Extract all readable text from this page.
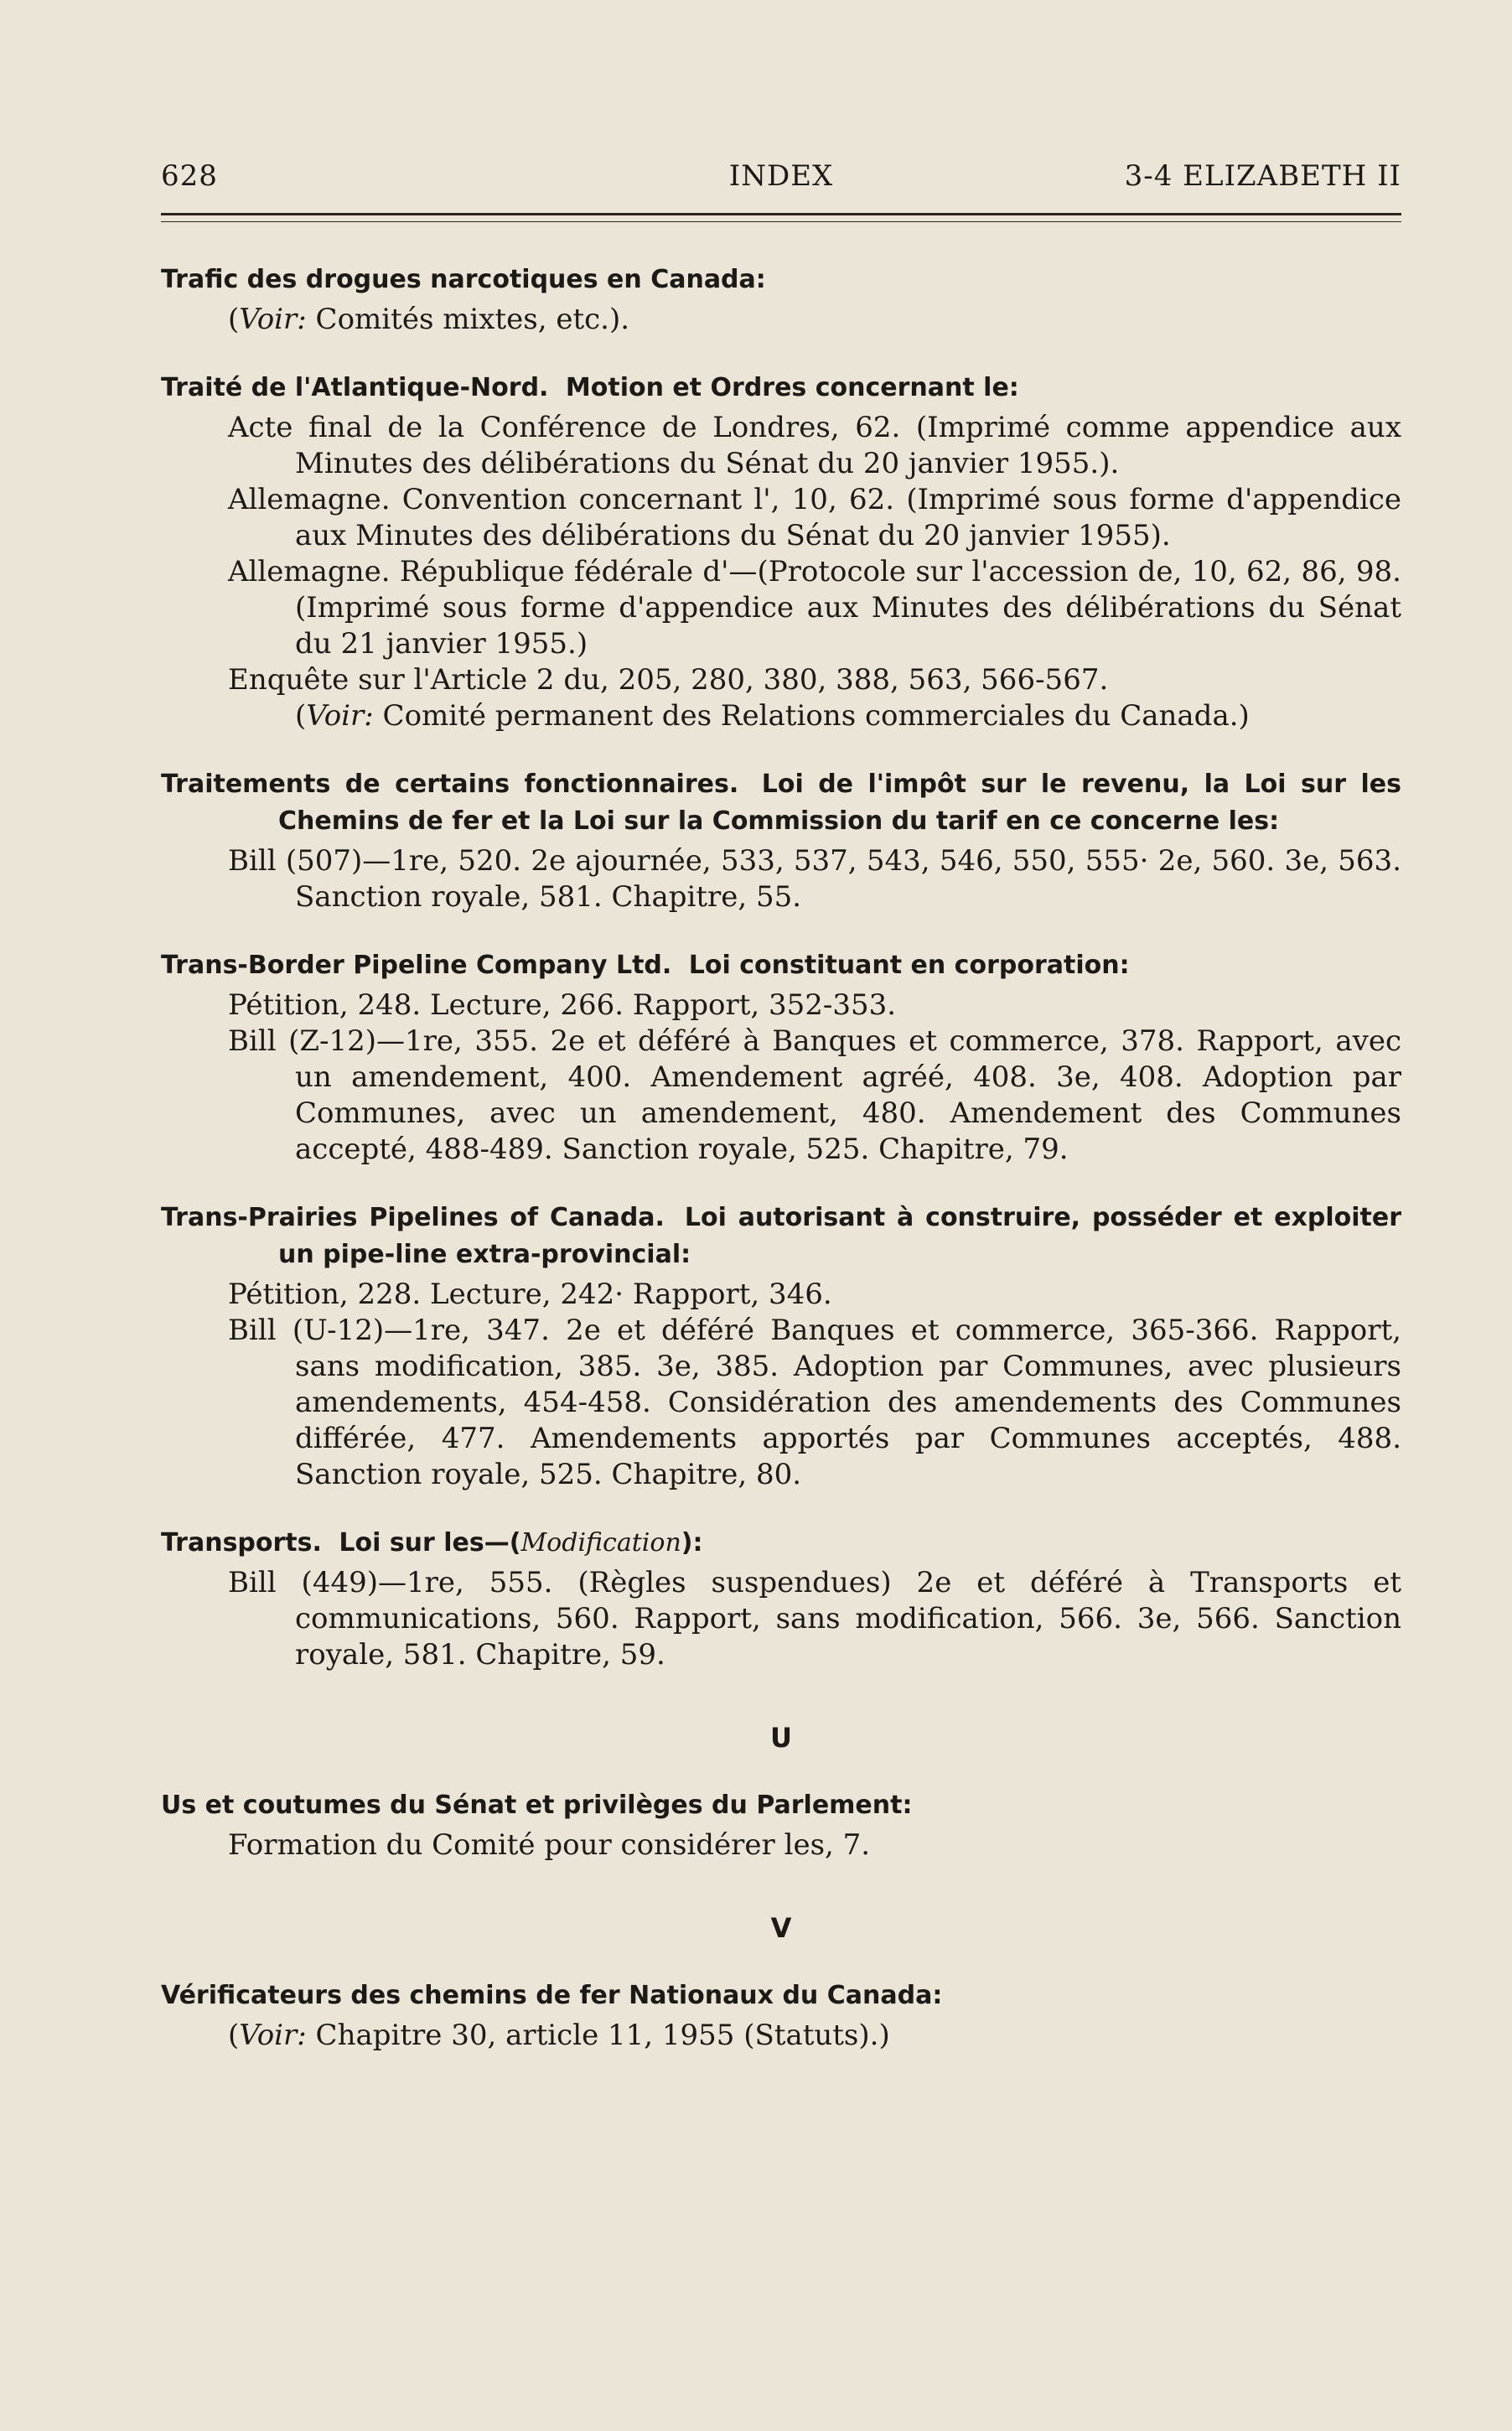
628	INDEX	3-4 ELIZABETH II
Trafic des drogues narcotiques en Canada:
(Voir: Comités mixtes, etc.).
Traité de l'Atlantique-Nord. Motion et Ordres concernant le:
Acte final de la Conférence de Londres, 62. (Imprimé comme appendice aux Minutes des délibérations du Sénat du 20 janvier 1955.).
Allemagne. Convention concernant l', 10, 62. (Imprimé sous forme d'appendice aux Minutes des délibérations du Sénat du 20 janvier 1955).
Allemagne. République fédérale d'—(Protocole sur l'accession de, 10, 62, 86, 98. (Imprimé sous forme d'appendice aux Minutes des délibérations du Sénat du 21 janvier 1955.)
Enquête sur l'Article 2 du, 205, 280, 380, 388, 563, 566-567.
(Voir: Comité permanent des Relations commerciales du Canada.)
Traitements de certains fonctionnaires. Loi de l'impôt sur le revenu, la Loi sur les Chemins de fer et la Loi sur la Commission du tarif en ce concerne les:
Bill (507)—1re, 520. 2e ajournée, 533, 537, 543, 546, 550, 555· 2e, 560. 3e, 563. Sanction royale, 581. Chapitre, 55.
Trans-Border Pipeline Company Ltd. Loi constituant en corporation:
Pétition, 248. Lecture, 266. Rapport, 352-353.
Bill (Z-12)—1re, 355. 2e et déféré à Banques et commerce, 378. Rapport, avec un amendement, 400. Amendement agréé, 408. 3e, 408. Adoption par Communes, avec un amendement, 480. Amendement des Communes accepté, 488-489. Sanction royale, 525. Chapitre, 79.
Trans-Prairies Pipelines of Canada. Loi autorisant à construire, posséder et exploiter un pipe-line extra-provincial:
Pétition, 228. Lecture, 242· Rapport, 346.
Bill (U-12)—1re, 347. 2e et déféré Banques et commerce, 365-366. Rapport, sans modification, 385. 3e, 385. Adoption par Communes, avec plusieurs amendements, 454-458. Considération des amendements des Communes différée, 477. Amendements apportés par Communes acceptés, 488. Sanction royale, 525. Chapitre, 80.
Transports. Loi sur les—(Modification):
Bill (449)—1re, 555. (Règles suspendues) 2e et déféré à Transports et communications, 560. Rapport, sans modification, 566. 3e, 566. Sanction royale, 581. Chapitre, 59.
U
Us et coutumes du Sénat et privilèges du Parlement:
Formation du Comité pour considérer les, 7.
V
Vérificateurs des chemins de fer Nationaux du Canada:
(Voir: Chapitre 30, article 11, 1955 (Statuts).)
